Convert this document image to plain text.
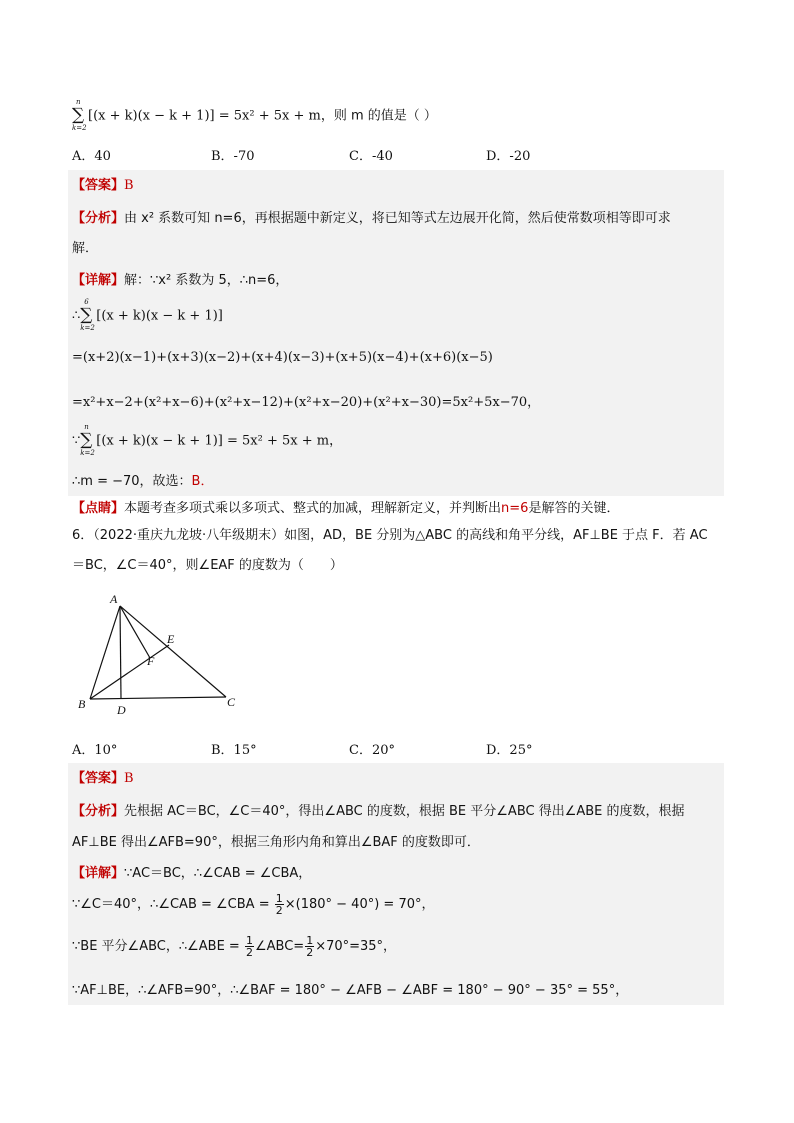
n
∑
k=2
[(x + k)(x − k + 1)] = 5x² + 5x + m，则 m 的值是（ ）
A．40	B．-70	C．-40	D．-20
【答案】B
【分析】由 x² 系数可知 n=6，再根据题中新定义，将已知等式左边展开化简，然后使常数项相等即可求
解．
【详解】解：∵x² 系数为 5，∴n=6，
∴
6
∑
k=2
[(x + k)(x − k + 1)]
=(x+2)(x−1)+(x+3)(x−2)+(x+4)(x−3)+(x+5)(x−4)+(x+6)(x−5)
=x²+x−2+(x²+x−6)+(x²+x−12)+(x²+x−20)+(x²+x−30)=5x²+5x−70，
∵
n
∑
k=2
[(x + k)(x − k + 1)] = 5x² + 5x + m，
∴m = −70，故选：B．
【点睛】本题考查多项式乘以多项式、整式的加减，理解新定义，并判断出n=6是解答的关键．
6．（2022·重庆九龙坡·八年级期末）如图，AD，BE 分别为△ABC 的高线和角平分线，AF⊥BE 于点 F．若 AC
＝BC，∠C＝40°，则∠EAF 的度数为（　　）
A
B	C
D
E
F
A．10°	B．15°	C．20°	D．25°
【答案】B
【分析】先根据 AC＝BC，∠C＝40°，得出∠ABC 的度数，根据 BE 平分∠ABC 得出∠ABE 的度数，根据
AF⊥BE 得出∠AFB=90°，根据三角形内角和算出∠BAF 的度数即可．
【详解】∵AC＝BC，∴∠CAB = ∠CBA，
∵∠C＝40°，∴∠CAB = ∠CBA = $\frac{1}{2} \times(180^\circ - 40^\circ) = 70^\circ$，
∵BE 平分∠ABC，∴∠ABE = $\frac{1}{2}$ ∠ABC= $\frac{1}{2} \times 70^\circ=35^\circ$，
∵AF⊥BE，∴∠AFB=90°，∴∠BAF = 180° − ∠AFB − ∠ABF = 180° − 90° − 35° = 55°，
